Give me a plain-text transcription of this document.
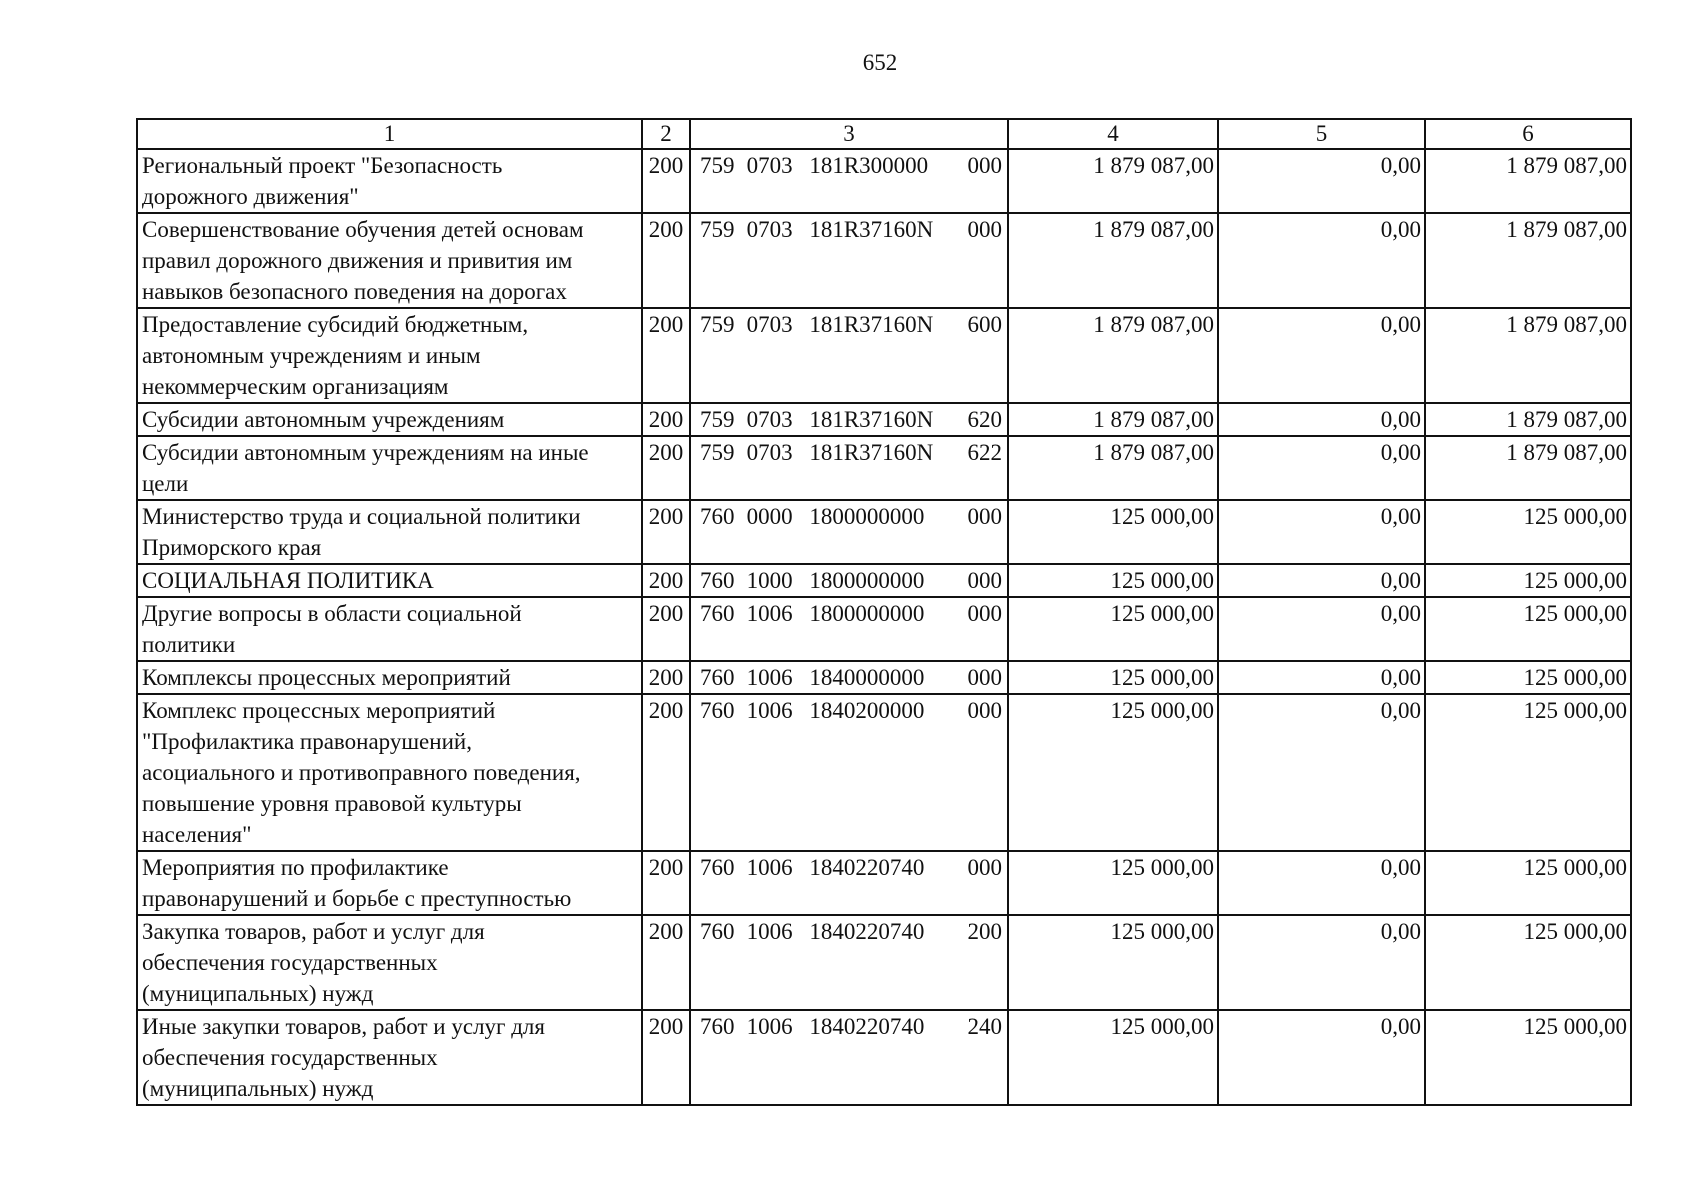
652
1	2	3	4	5	6
Региональный проект "Безопасность
дорожного движения"	200	759 0703 181R300000 000	1 879 087,00	0,00	1 879 087,00
Совершенствование обучения детей основам
правил дорожного движения и привития им
навыков безопасного поведения на дорогах	200	759 0703 181R37160N 000	1 879 087,00	0,00	1 879 087,00
Предоставление субсидий бюджетным,
автономным учреждениям и иным
некоммерческим организациям	200	759 0703 181R37160N 600	1 879 087,00	0,00	1 879 087,00
Субсидии автономным учреждениям	200	759 0703 181R37160N 620	1 879 087,00	0,00	1 879 087,00
Субсидии автономным учреждениям на иные
цели	200	759 0703 181R37160N 622	1 879 087,00	0,00	1 879 087,00
Министерство труда и социальной политики
Приморского края	200	760 0000 1800000000 000	125 000,00	0,00	125 000,00
СОЦИАЛЬНАЯ ПОЛИТИКА	200	760 1000 1800000000 000	125 000,00	0,00	125 000,00
Другие вопросы в области социальной
политики	200	760 1006 1800000000 000	125 000,00	0,00	125 000,00
Комплексы процессных мероприятий	200	760 1006 1840000000 000	125 000,00	0,00	125 000,00
Комплекс процессных мероприятий
"Профилактика правонарушений,
асоциального и противоправного поведения,
повышение уровня правовой культуры
населения"	200	760 1006 1840200000 000	125 000,00	0,00	125 000,00
Мероприятия по профилактике
правонарушений и борьбе с преступностью	200	760 1006 1840220740 000	125 000,00	0,00	125 000,00
Закупка товаров, работ и услуг для
обеспечения государственных
(муниципальных) нужд	200	760 1006 1840220740 200	125 000,00	0,00	125 000,00
Иные закупки товаров, работ и услуг для
обеспечения государственных
(муниципальных) нужд	200	760 1006 1840220740 240	125 000,00	0,00	125 000,00
